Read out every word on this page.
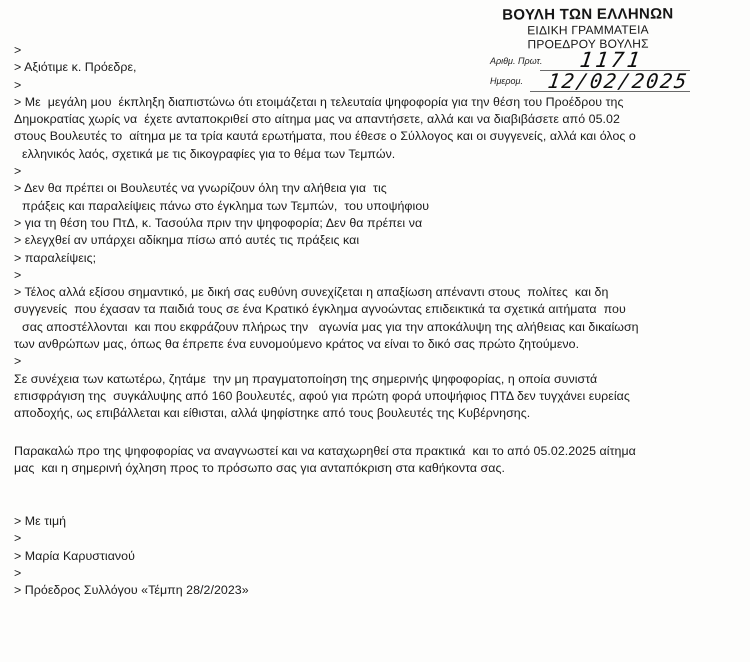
ΒΟΥΛΗ ΤΩΝ ΕΛΛΗΝΩΝ
ΕΙΔΙΚΗ ΓΡΑΜΜΑΤΕΙΑ
ΠΡΟΕΔΡΟΥ ΒΟΥΛΗΣ
Αριθμ. Πρωτ. 1171
Ημερομ. 12/02/2025

>

> Αξιότιμε κ. Πρόεδρε,

>

> Με  μεγάλη μου  έκπληξη διαπιστώνω ότι ετοιμάζεται η τελευταία ψηφοφορία για την θέση του Προέδρου της

Δημοκρατίας χωρίς να  έχετε ανταποκριθεί στο αίτημα μας να απαντήσετε, αλλά και να διαβιβάσετε από 05.02

στους Βουλευτές το  αίτημα με τα τρία καυτά ερωτήματα, που έθεσε ο Σύλλογος και οι συγγενείς, αλλά και όλος ο

ελληνικός λαός, σχετικά με τις δικογραφίες για το θέμα των Τεμπών.

>

> Δεν θα πρέπει οι Βουλευτές να γνωρίζουν όλη την αλήθεια για  τις

πράξεις και παραλείψεις πάνω στο έγκλημα των Τεμπών,  του υποψήφιου

> για τη θέση του ΠτΔ, κ. Τασούλα πριν την ψηφοφορία; Δεν θα πρέπει να

> ελεγχθεί αν υπάρχει αδίκημα πίσω από αυτές τις πράξεις και

> παραλείψεις;

>

> Τέλος αλλά εξίσου σημαντικό, με δική σας ευθύνη συνεχίζεται η απαξίωση απέναντι στους  πολίτες  και δη

συγγενείς  που έχασαν τα παιδιά τους σε ένα Κρατικό έγκλημα αγνοώντας επιδεικτικά τα σχετικά αιτήματα  που

σας αποστέλλονται  και που εκφράζουν πλήρως την   αγωνία μας για την αποκάλυψη της αλήθειας και δικαίωση

των ανθρώπων μας, όπως θα έπρεπε ένα ευνομούμενο κράτος να είναι το δικό σας πρώτο ζητούμενο.

>

Σε συνέχεια των κατωτέρω, ζητάμε  την μη πραγματοποίηση της σημερινής ψηφοφορίας, η οποία συνιστά

επισφράγιση της  συγκάλυψης από 160 βουλευτές, αφού για πρώτη φορά υποψήφιος ΠΤΔ δεν τυγχάνει ευρείας

αποδοχής, ως επιβάλλεται και είθισται, αλλά ψηφίστηκε από τους βουλευτές της Κυβέρνησης.

Παρακαλώ προ της ψηφοφορίας να αναγνωστεί και να καταχωρηθεί στα πρακτικά  και το από 05.02.2025 αίτημα

μας  και η σημερινή όχληση προς το πρόσωπο σας για ανταπόκριση στα καθήκοντα σας.

> Με τιμή

>

> Μαρία Καρυστιανού

>

> Πρόεδρος Συλλόγου «Τέμπη 28/2/2023»
